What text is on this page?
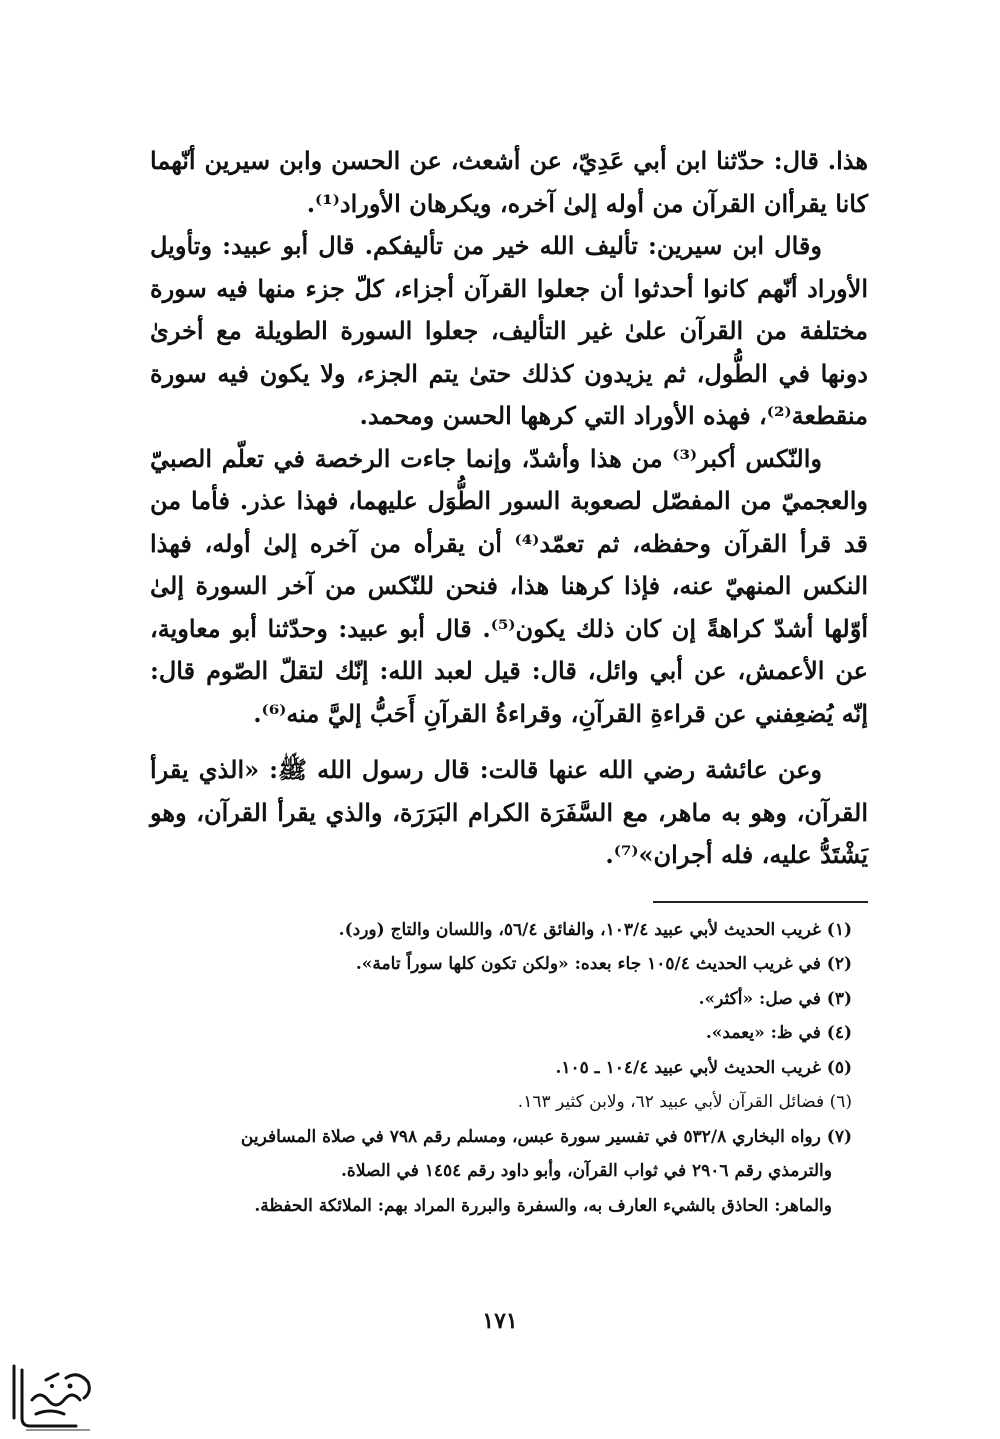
هذا. قال: حدّثنا ابن أبي عَدِيّ، عن أشعث، عن الحسن وابن سيرين أنّهما كانا يقرأان القرآن من أوله إلىٰ آخره، ويكرهان الأوراد⁽¹⁾.

وقال ابن سيرين: تأليف الله خير من تأليفكم. قال أبو عبيد: وتأويل الأوراد أنّهم كانوا أحدثوا أن جعلوا القرآن أجزاء، كلّ جزء منها فيه سورة مختلفة من القرآن علىٰ غير التأليف، جعلوا السورة الطويلة مع أخرىٰ دونها في الطُّول، ثم يزيدون كذلك حتىٰ يتم الجزء، ولا يكون فيه سورة منقطعة⁽²⁾، فهذه الأوراد التي كرهها الحسن ومحمد.

والنّكس أكبر⁽³⁾ من هذا وأشدّ، وإنما جاءت الرخصة في تعلّم الصبيّ والعجميّ من المفصّل لصعوبة السور الطُّوَل عليهما، فهذا عذر. فأما من قد قرأ القرآن وحفظه، ثم تعمّد⁽⁴⁾ أن يقرأه من آخره إلىٰ أوله، فهذا النكس المنهيّ عنه، فإذا كرهنا هذا، فنحن للنّكس من آخر السورة إلىٰ أوّلها أشدّ كراهةً إن كان ذلك يكون⁽⁵⁾. قال أبو عبيد: وحدّثنا أبو معاوية، عن الأعمش، عن أبي وائل، قال: قيل لعبد الله: إنّك لتقلّ الصّوم قال: إنّه يُضعِفني عن قراءةِ القرآنِ، وقراءةُ القرآنِ أَحَبُّ إليَّ منه⁽⁶⁾.

وعن عائشة رضي الله عنها قالت: قال رسول الله ﷺ: «الذي يقرأ القرآن، وهو به ماهر، مع السَّفَرَة الكرام البَرَرَة، والذي يقرأ القرآن، وهو يَشْتَدُّ عليه، فله أجران»⁽⁷⁾.

(١) غريب الحديث لأبي عبيد ١٠٣/٤، والفائق ٥٦/٤، واللسان والتاج (ورد).
(٢) في غريب الحديث ١٠٥/٤ جاء بعده: «ولكن تكون كلها سوراً تامة».
(٣) في صل: «أكثر».
(٤) في ظ: «يعمد».
(٥) غريب الحديث لأبي عبيد ١٠٤/٤ ـ ١٠٥.
(٦) فضائل القرآن لأبي عبيد ٦٢، ولابن كثير ١٦٣.
(٧) رواه البخاري ٥٣٢/٨ في تفسير سورة عبس، ومسلم رقم ٧٩٨ في صلاة المسافرين
والترمذي رقم ٢٩٠٦ في ثواب القرآن، وأبو داود رقم ١٤٥٤ في الصلاة.
والماهر: الحاذق بالشيء العارف به، والسفرة والبررة المراد بهم: الملائكة الحفظة.
١٧١
